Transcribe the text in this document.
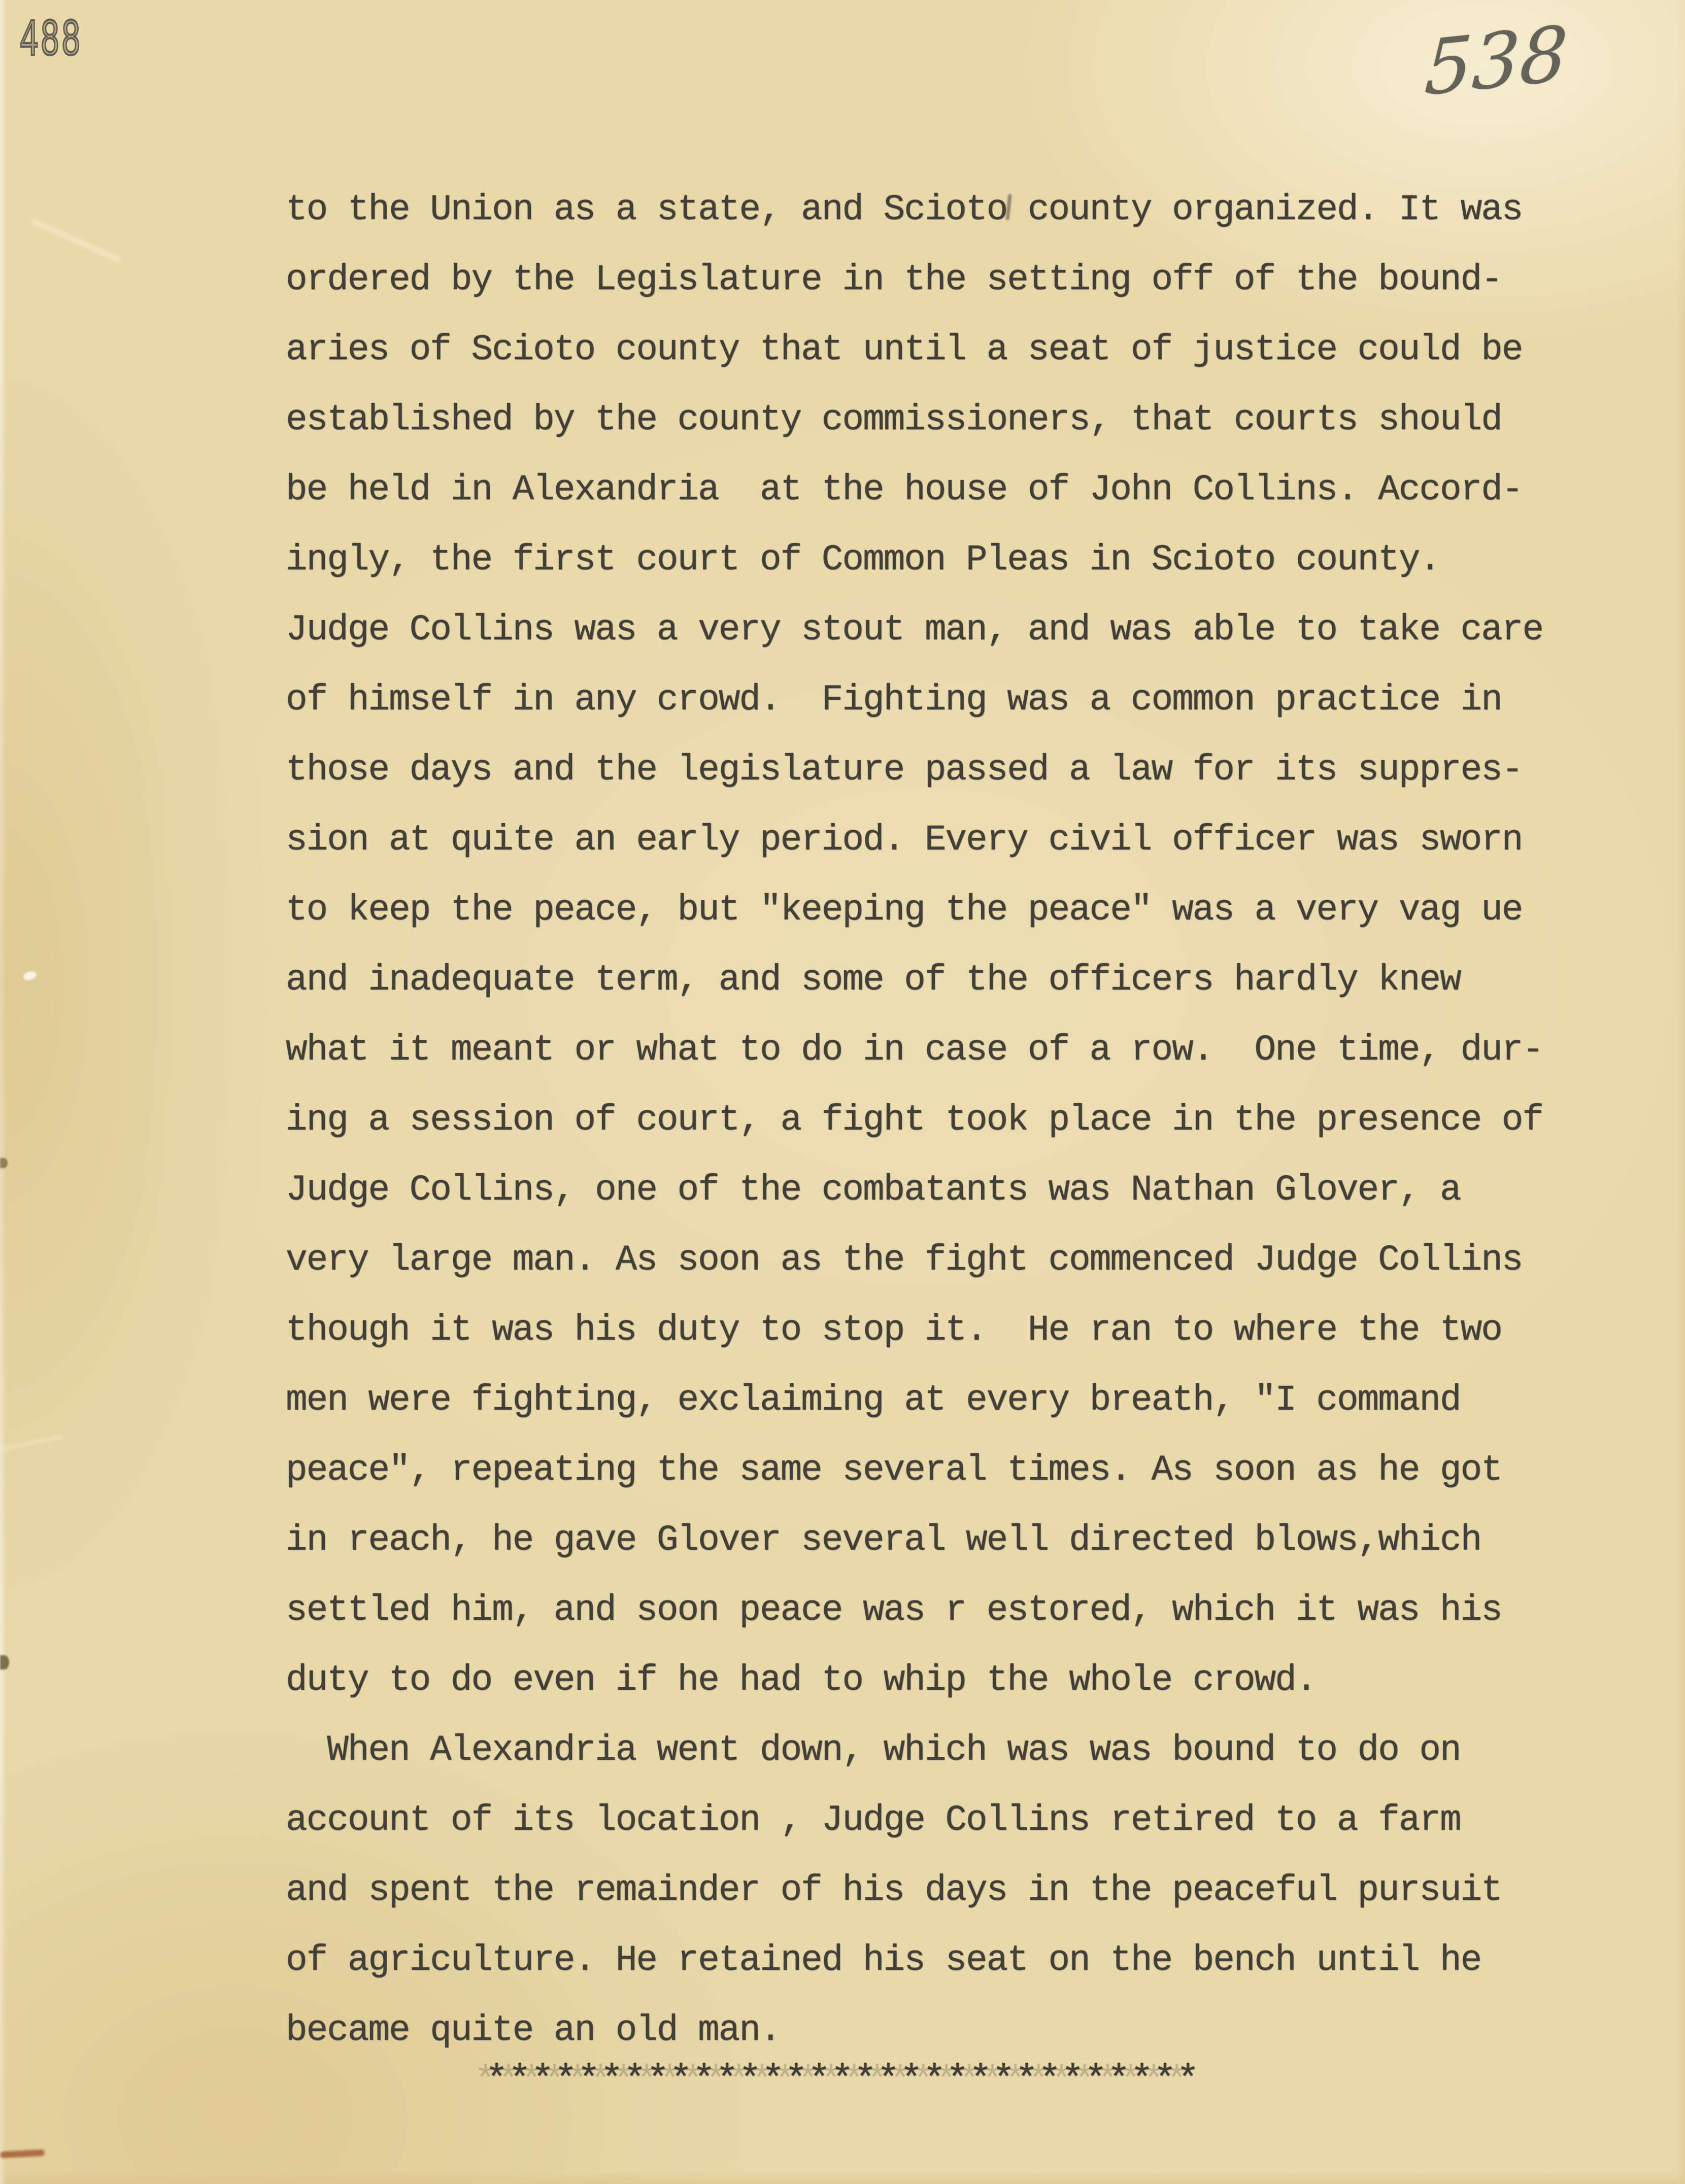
488	538
to the Union as a state, and Scioto county organized. It was
ordered by the Legislature in the setting off of the bound-
aries of Scioto county that until a seat of justice could be
established by the county commissioners, that courts should
be held in Alexandria  at the house of John Collins. Accord-
ingly, the first court of Common Pleas in Scioto county.
Judge Collins was a very stout man, and was able to take care
of himself in any crowd.  Fighting was a common practice in
those days and the legislature passed a law for its suppres-
sion at quite an early period. Every civil officer was sworn
to keep the peace, but "keeping the peace" was a very vag ue
and inadequate term, and some of the officers hardly knew
what it meant or what to do in case of a row.  One time, dur-
ing a session of court, a fight took place in the presence of
Judge Collins, one of the combatants was Nathan Glover, a
very large man. As soon as the fight commenced Judge Collins
though it was his duty to stop it.  He ran to where the two
men were fighting, exclaiming at every breath, "I command
peace", repeating the same several times. As soon as he got
in reach, he gave Glover several well directed blows,which
settled him, and soon peace was r estored, which it was his
duty to do even if he had to whip the whole crowd.
When Alexandria went down, which was was bound to do on
account of its location , Judge Collins retired to a farm
and spent the remainder of his days in the peaceful pursuit
of agriculture. He retained his seat on the bench until he
became quite an old man.
*******************************
